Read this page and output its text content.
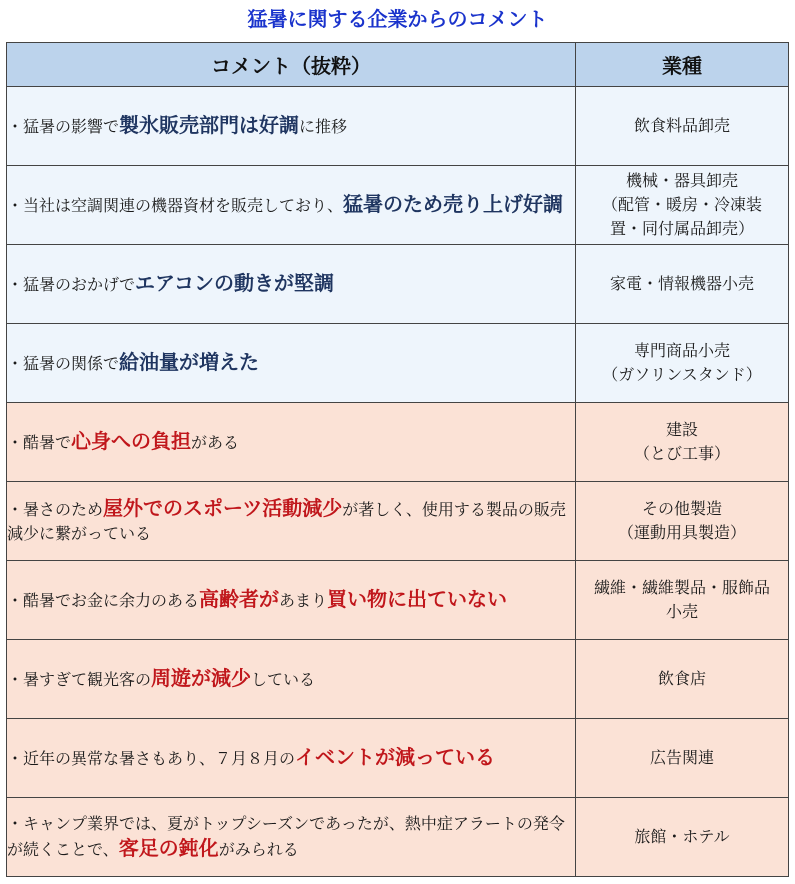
猛暑に関する企業からのコメント
コメント（抜粋）	業種
・猛暑の影響で製氷販売部門は好調に推移	飲食料品卸売

・当社は空調関連の機器資材を販売しており、猛暑のため売り上げ好調	機械・器具卸売
（配管・暖房・冷凍装
置・同付属品卸売）

・猛暑のおかげでエアコンの動きが堅調	家電・情報機器小売

・猛暑の関係で給油量が増えた	専門商品小売
（ガソリンスタンド）

・酷暑で心身への負担がある	建設
（とび工事）

・暑さのため屋外でのスポーツ活動減少が著しく、使用する製品の販売減少に繋がっている	その他製造
（運動用具製造）

・酷暑でお金に余力のある高齢者があまり買い物に出ていない	繊維・繊維製品・服飾品
小売

・暑すぎて観光客の周遊が減少している	飲食店

・近年の異常な暑さもあり、７月８月のイベントが減っている	広告関連

・キャンプ業界では、夏がトップシーズンであったが、熱中症アラートの発令が続くことで、客足の鈍化がみられる	旅館・ホテル
